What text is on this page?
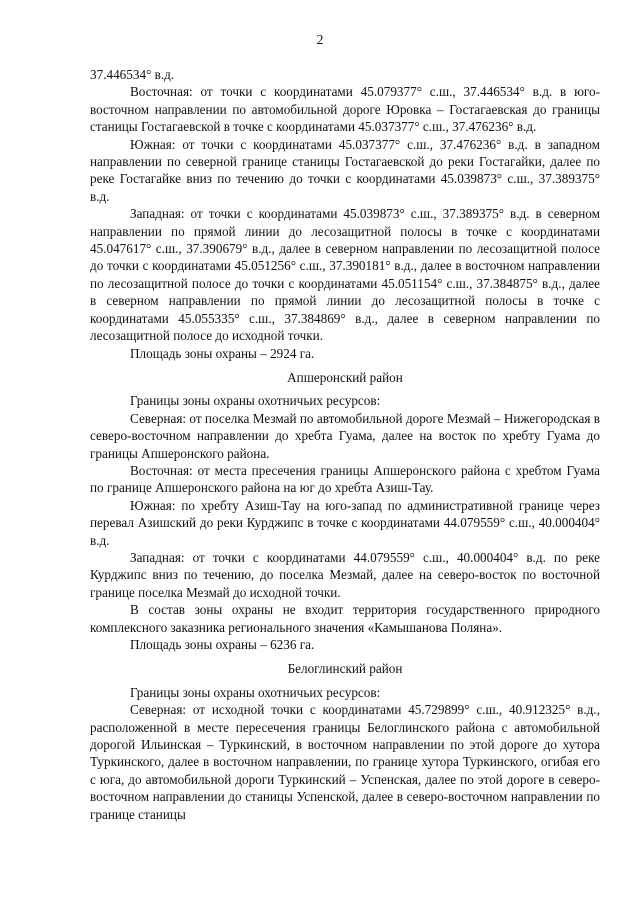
2

37.446534° в.д.

Восточная: от точки с координатами 45.079377° с.ш., 37.446534° в.д. в юго-восточном направлении по автомобильной дороге Юровка – Гостагаевская до границы станицы Гостагаевской в точке с координатами 45.037377° с.ш., 37.476236° в.д.

Южная: от точки с координатами 45.037377° с.ш., 37.476236° в.д. в западном направлении по северной границе станицы Гостагаевской до реки Гостагайки, далее по реке Гостагайке вниз по течению до точки с координатами 45.039873° с.ш., 37.389375° в.д.

Западная: от точки с координатами 45.039873° с.ш., 37.389375° в.д. в северном направлении по прямой линии до лесозащитной полосы в точке с координатами 45.047617° с.ш., 37.390679° в.д., далее в северном направлении по лесозащитной полосе до точки с координатами 45.051256° с.ш., 37.390181° в.д., далее в восточном направлении по лесозащитной полосе до точки с координатами 45.051154° с.ш., 37.384875° в.д., далее в северном направлении по прямой линии до лесозащитной полосы в точке с координатами 45.055335° с.ш., 37.384869° в.д., далее в северном направлении по лесозащитной полосе до исходной точки.

Площадь зоны охраны – 2924 га.

Апшеронский район

Границы зоны охраны охотничьих ресурсов:

Северная: от поселка Мезмай по автомобильной дороге Мезмай – Нижегородская в северо-восточном направлении до хребта Гуама, далее на восток по хребту Гуама до границы Апшеронского района.

Восточная: от места пресечения границы Апшеронского района с хребтом Гуама по границе Апшеронского района на юг до хребта Азиш-Тау.

Южная: по хребту Азиш-Тау на юго-запад по административной границе через перевал Азишский до реки Курджипс в точке с координатами 44.079559° с.ш., 40.000404° в.д.

Западная: от точки с координатами 44.079559° с.ш., 40.000404° в.д. по реке Курджипс вниз по течению, до поселка Мезмай, далее на северо-восток по восточной границе поселка Мезмай до исходной точки.

В состав зоны охраны не входит территория государственного природного комплексного заказника регионального значения «Камышанова Поляна».

Площадь зоны охраны – 6236 га.

Белоглинский район

Границы зоны охраны охотничьих ресурсов:

Северная: от исходной точки с координатами 45.729899° с.ш., 40.912325° в.д., расположенной в месте пересечения границы Белоглинского района с автомобильной дорогой Ильинская – Туркинский, в восточном направлении по этой дороге до хутора Туркинского, далее в восточном направлении, по границе хутора Туркинского, огибая его с юга, до автомобильной дороги Туркинский – Успенская, далее по этой дороге в северо-восточном направлении до станицы Успенской, далее в северо-восточном направлении по границе станицы
